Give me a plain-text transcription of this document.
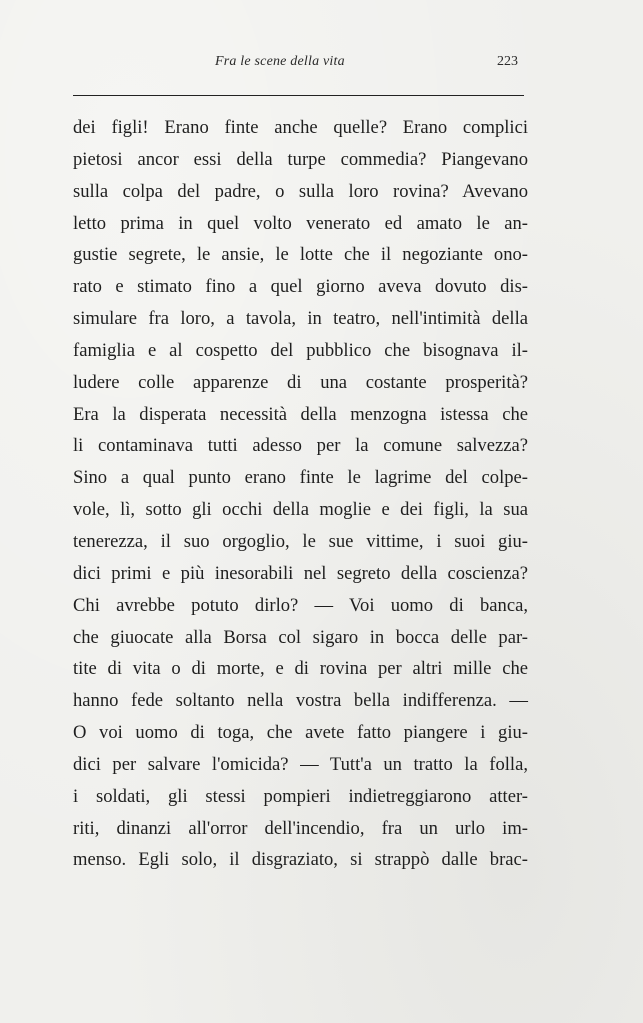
Fra le scene della vita	223
dei figli! Erano finte anche quelle? Erano complici
pietosi ancor essi della turpe commedia? Piangevano
sulla colpa del padre, o sulla loro rovina? Avevano
letto prima in quel volto venerato ed amato le an-
gustie segrete, le ansie, le lotte che il negoziante ono-
rato e stimato fino a quel giorno aveva dovuto dis-
simulare fra loro, a tavola, in teatro, nell'intimità della
famiglia e al cospetto del pubblico che bisognava il-
ludere colle apparenze di una costante prosperità?
Era la disperata necessità della menzogna istessa che
li contaminava tutti adesso per la comune salvezza?
Sino a qual punto erano finte le lagrime del colpe-
vole, lì, sotto gli occhi della moglie e dei figli, la sua
tenerezza, il suo orgoglio, le sue vittime, i suoi giu-
dici primi e più inesorabili nel segreto della coscienza?
Chi avrebbe potuto dirlo? — Voi uomo di banca,
che giuocate alla Borsa col sigaro in bocca delle par-
tite di vita o di morte, e di rovina per altri mille che
hanno fede soltanto nella vostra bella indifferenza. —
O voi uomo di toga, che avete fatto piangere i giu-
dici per salvare l'omicida? — Tutt'a un tratto la folla,
i soldati, gli stessi pompieri indietreggiarono atter-
riti, dinanzi all'orror dell'incendio, fra un urlo im-
menso. Egli solo, il disgraziato, si strappò dalle brac-
